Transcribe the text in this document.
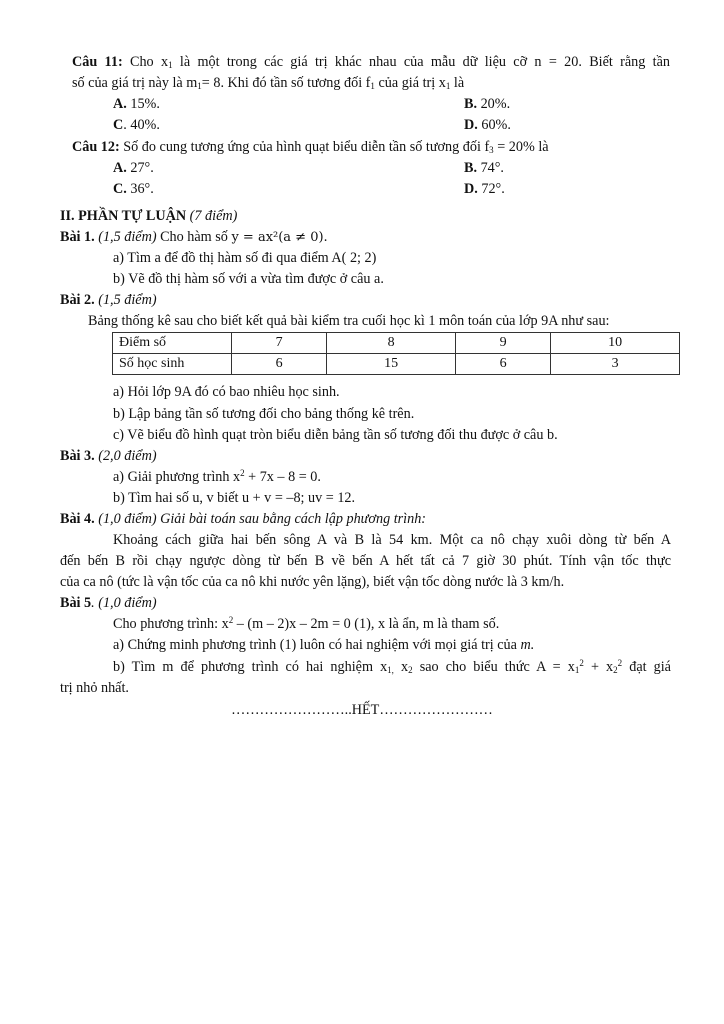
Câu 11: Cho $x_1$ là một trong các giá trị khác nhau của mẫu dữ liệu cỡ n = 20. Biết rằng tần
số của giá trị này là $m_1= 8$. Khi đó tần số tương đối $f_1$ của giá trị $x_1$ là
A. 15%.	B. 20%.
C. 40%.	D. 60%.
Câu 12: Số đo cung tương ứng của hình quạt biểu diễn tần số tương đối $f_3 = 20\%$ là
A. 27°.	B. 74°.
C. 36°.	D. 72°.
II. PHẦN TỰ LUẬN (7 điểm)
Bài 1. (1,5 điểm) Cho hàm số y = ax²(a ≠ 0).
a) Tìm a để đồ thị hàm số đi qua điểm A( 2; 2)
b) Vẽ đồ thị hàm số với a vừa tìm được ở câu a.
Bài 2. (1,5 điểm)
Bảng thống kê sau cho biết kết quả bài kiểm tra cuối học kì 1 môn toán của lớp 9A như sau:
Điểm số	7	8	9	10
Số học sinh	6	15	6	3
a) Hỏi lớp 9A đó có bao nhiêu học sinh.
b) Lập bảng tần số tương đối cho bảng thống kê trên.
c) Vẽ biểu đồ hình quạt tròn biểu diễn bảng tần số tương đối thu được ở câu b.
Bài 3. (2,0 điểm)
a) Giải phương trình $x^2 + 7x - 8 = 0$.
b) Tìm hai số u, v biết u + v = –8; uv = 12.
Bài 4. (1,0 điểm) Giải bài toán sau bằng cách lập phương trình:
Khoảng cách giữa hai bến sông A và B là 54 km. Một ca nô chạy xuôi dòng từ bến A
đến bến B rồi chạy ngược dòng từ bến B về bến A hết tất cả 7 giờ 30 phút. Tính vận tốc thực
của ca nô (tức là vận tốc của ca nô khi nước yên lặng), biết vận tốc dòng nước là 3 km/h.
Bài 5. (1,0 điểm)
Cho phương trình: $x^2 - (m - 2)x - 2m = 0$ (1), x là ẩn, m là tham số.
a) Chứng minh phương trình (1) luôn có hai nghiệm với mọi giá trị của m.
b) Tìm m để phương trình có hai nghiệm $x_{1,}$ $x_2$ sao cho biểu thức $A = x_1^2 + x_2^2$ đạt giá
trị nhỏ nhất.
……………………..HẾT……………………
